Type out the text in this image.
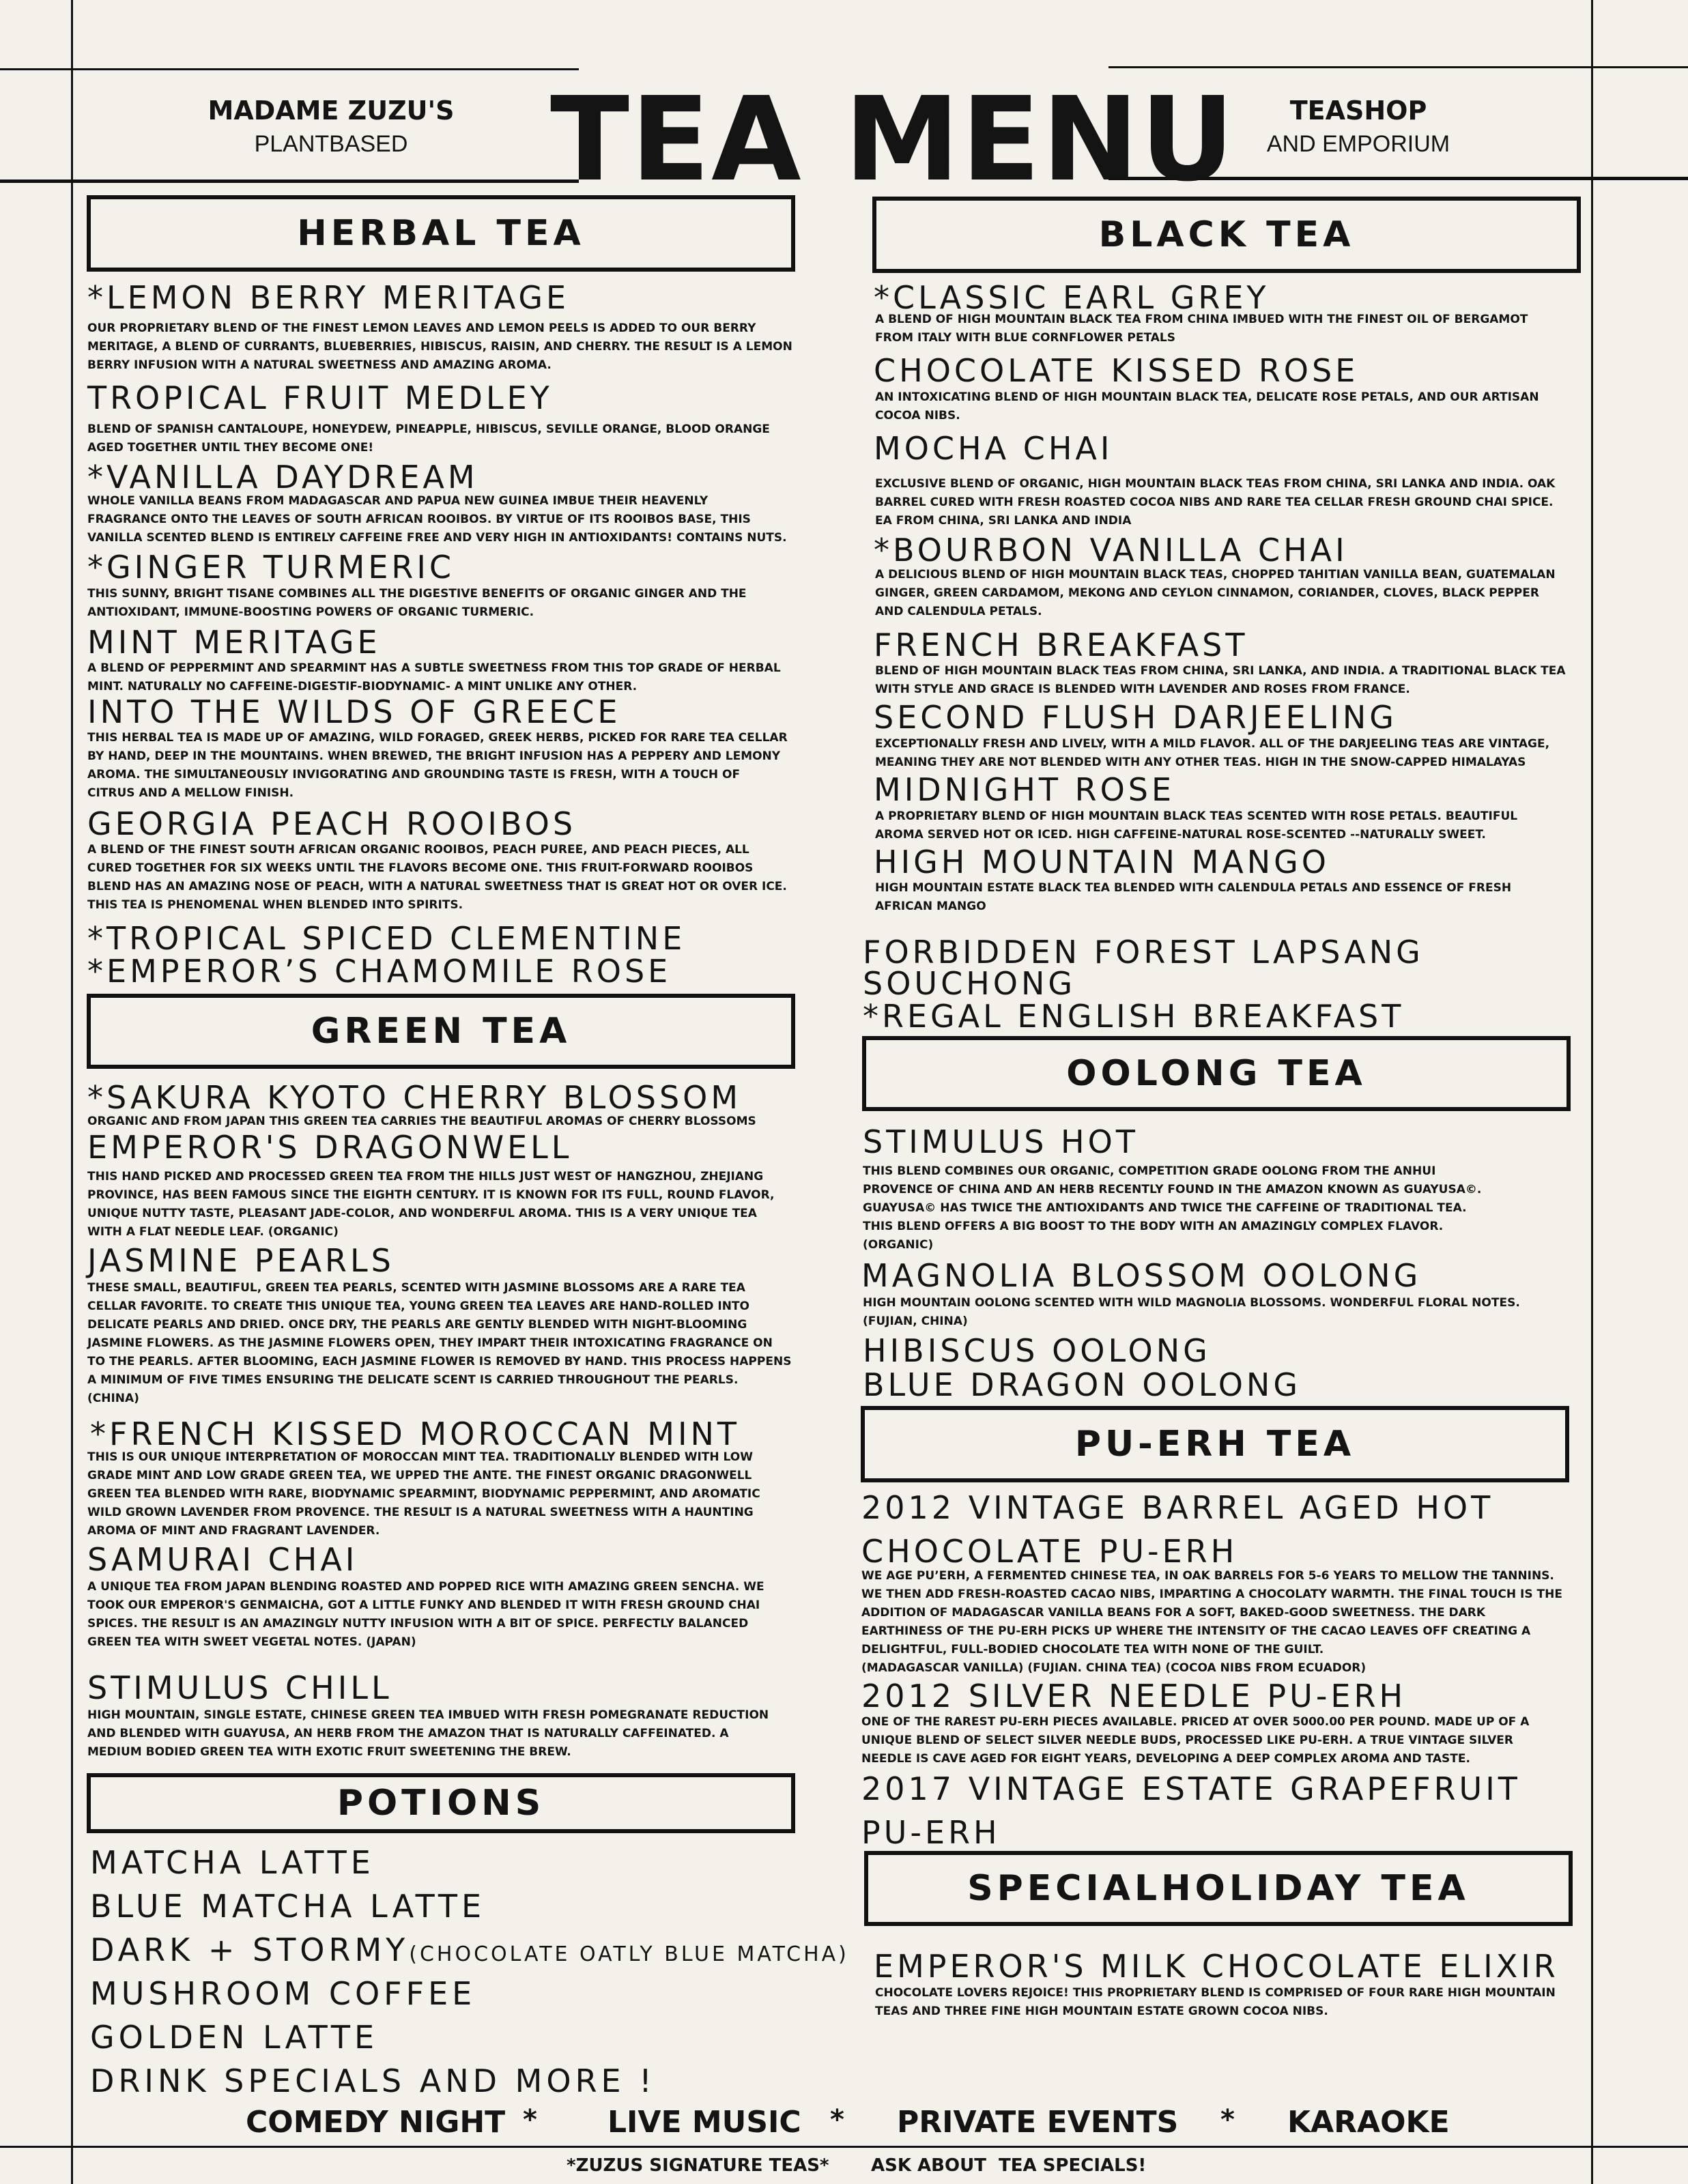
MADAME ZUZU'S
PLANTBASED	TEA MENU	TEASHOP
AND EMPORIUM
HERBAL TEA
*LEMON BERRY MERITAGE
OUR PROPRIETARY BLEND OF THE FINEST LEMON LEAVES AND LEMON PEELS IS ADDED TO OUR BERRY
MERITAGE, A BLEND OF CURRANTS, BLUEBERRIES, HIBISCUS, RAISIN, AND CHERRY. THE RESULT IS A LEMON
BERRY INFUSION WITH A NATURAL SWEETNESS AND AMAZING AROMA.
TROPICAL FRUIT MEDLEY
BLEND OF SPANISH CANTALOUPE, HONEYDEW, PINEAPPLE, HIBISCUS, SEVILLE ORANGE, BLOOD ORANGE
AGED TOGETHER UNTIL THEY BECOME ONE!
*VANILLA DAYDREAM
WHOLE VANILLA BEANS FROM MADAGASCAR AND PAPUA NEW GUINEA IMBUE THEIR HEAVENLY
FRAGRANCE ONTO THE LEAVES OF SOUTH AFRICAN ROOIBOS. BY VIRTUE OF ITS ROOIBOS BASE, THIS
VANILLA SCENTED BLEND IS ENTIRELY CAFFEINE FREE AND VERY HIGH IN ANTIOXIDANTS! CONTAINS NUTS.
*GINGER TURMERIC
THIS SUNNY, BRIGHT TISANE COMBINES ALL THE DIGESTIVE BENEFITS OF ORGANIC GINGER AND THE
ANTIOXIDANT, IMMUNE-BOOSTING POWERS OF ORGANIC TURMERIC.
MINT MERITAGE
A BLEND OF PEPPERMINT AND SPEARMINT HAS A SUBTLE SWEETNESS FROM THIS TOP GRADE OF HERBAL
MINT. NATURALLY NO CAFFEINE-DIGESTIF-BIODYNAMIC- A MINT UNLIKE ANY OTHER.
INTO THE WILDS OF GREECE
THIS HERBAL TEA IS MADE UP OF AMAZING, WILD FORAGED, GREEK HERBS, PICKED FOR RARE TEA CELLAR
BY HAND, DEEP IN THE MOUNTAINS. WHEN BREWED, THE BRIGHT INFUSION HAS A PEPPERY AND LEMONY
AROMA. THE SIMULTANEOUSLY INVIGORATING AND GROUNDING TASTE IS FRESH, WITH A TOUCH OF
CITRUS AND A MELLOW FINISH.
GEORGIA PEACH ROOIBOS
A BLEND OF THE FINEST SOUTH AFRICAN ORGANIC ROOIBOS, PEACH PUREE, AND PEACH PIECES, ALL
CURED TOGETHER FOR SIX WEEKS UNTIL THE FLAVORS BECOME ONE. THIS FRUIT-FORWARD ROOIBOS
BLEND HAS AN AMAZING NOSE OF PEACH, WITH A NATURAL SWEETNESS THAT IS GREAT HOT OR OVER ICE.
THIS TEA IS PHENOMENAL WHEN BLENDED INTO SPIRITS.
*TROPICAL SPICED CLEMENTINE
*EMPEROR’S CHAMOMILE ROSE
GREEN TEA
*SAKURA KYOTO CHERRY BLOSSOM
ORGANIC AND FROM JAPAN THIS GREEN TEA CARRIES THE BEAUTIFUL AROMAS OF CHERRY BLOSSOMS
EMPEROR'S DRAGONWELL
THIS HAND PICKED AND PROCESSED GREEN TEA FROM THE HILLS JUST WEST OF HANGZHOU, ZHEJIANG
PROVINCE, HAS BEEN FAMOUS SINCE THE EIGHTH CENTURY. IT IS KNOWN FOR ITS FULL, ROUND FLAVOR,
UNIQUE NUTTY TASTE, PLEASANT JADE-COLOR, AND WONDERFUL AROMA. THIS IS A VERY UNIQUE TEA
WITH A FLAT NEEDLE LEAF. (ORGANIC)
JASMINE PEARLS
THESE SMALL, BEAUTIFUL, GREEN TEA PEARLS, SCENTED WITH JASMINE BLOSSOMS ARE A RARE TEA
CELLAR FAVORITE. TO CREATE THIS UNIQUE TEA, YOUNG GREEN TEA LEAVES ARE HAND-ROLLED INTO
DELICATE PEARLS AND DRIED. ONCE DRY, THE PEARLS ARE GENTLY BLENDED WITH NIGHT-BLOOMING
JASMINE FLOWERS. AS THE JASMINE FLOWERS OPEN, THEY IMPART THEIR INTOXICATING FRAGRANCE ON
TO THE PEARLS. AFTER BLOOMING, EACH JASMINE FLOWER IS REMOVED BY HAND. THIS PROCESS HAPPENS
A MINIMUM OF FIVE TIMES ENSURING THE DELICATE SCENT IS CARRIED THROUGHOUT THE PEARLS.
(CHINA)
*FRENCH KISSED MOROCCAN MINT
THIS IS OUR UNIQUE INTERPRETATION OF MOROCCAN MINT TEA. TRADITIONALLY BLENDED WITH LOW
GRADE MINT AND LOW GRADE GREEN TEA, WE UPPED THE ANTE. THE FINEST ORGANIC DRAGONWELL
GREEN TEA BLENDED WITH RARE, BIODYNAMIC SPEARMINT, BIODYNAMIC PEPPERMINT, AND AROMATIC
WILD GROWN LAVENDER FROM PROVENCE. THE RESULT IS A NATURAL SWEETNESS WITH A HAUNTING
AROMA OF MINT AND FRAGRANT LAVENDER.
SAMURAI CHAI
A UNIQUE TEA FROM JAPAN BLENDING ROASTED AND POPPED RICE WITH AMAZING GREEN SENCHA. WE
TOOK OUR EMPEROR'S GENMAICHA, GOT A LITTLE FUNKY AND BLENDED IT WITH FRESH GROUND CHAI
SPICES. THE RESULT IS AN AMAZINGLY NUTTY INFUSION WITH A BIT OF SPICE. PERFECTLY BALANCED
GREEN TEA WITH SWEET VEGETAL NOTES. (JAPAN)
STIMULUS CHILL
HIGH MOUNTAIN, SINGLE ESTATE, CHINESE GREEN TEA IMBUED WITH FRESH POMEGRANATE REDUCTION
AND BLENDED WITH GUAYUSA, AN HERB FROM THE AMAZON THAT IS NATURALLY CAFFEINATED. A
MEDIUM BODIED GREEN TEA WITH EXOTIC FRUIT SWEETENING THE BREW.
POTIONS
MATCHA LATTE
BLUE MATCHA LATTE
DARK + STORMY(CHOCOLATE OATLY BLUE MATCHA)
MUSHROOM COFFEE
GOLDEN LATTE
DRINK SPECIALS AND MORE !
BLACK TEA
*CLASSIC EARL GREY
A BLEND OF HIGH MOUNTAIN BLACK TEA FROM CHINA IMBUED WITH THE FINEST OIL OF BERGAMOT
FROM ITALY WITH BLUE CORNFLOWER PETALS
CHOCOLATE KISSED ROSE
AN INTOXICATING BLEND OF HIGH MOUNTAIN BLACK TEA, DELICATE ROSE PETALS, AND OUR ARTISAN
COCOA NIBS.
MOCHA CHAI
EXCLUSIVE BLEND OF ORGANIC, HIGH MOUNTAIN BLACK TEAS FROM CHINA, SRI LANKA AND INDIA. OAK
BARREL CURED WITH FRESH ROASTED COCOA NIBS AND RARE TEA CELLAR FRESH GROUND CHAI SPICE.
EA FROM CHINA, SRI LANKA AND INDIA
*BOURBON VANILLA CHAI
A DELICIOUS BLEND OF HIGH MOUNTAIN BLACK TEAS, CHOPPED TAHITIAN VANILLA BEAN, GUATEMALAN
GINGER, GREEN CARDAMOM, MEKONG AND CEYLON CINNAMON, CORIANDER, CLOVES, BLACK PEPPER
AND CALENDULA PETALS.
FRENCH BREAKFAST
BLEND OF HIGH MOUNTAIN BLACK TEAS FROM CHINA, SRI LANKA, AND INDIA. A TRADITIONAL BLACK TEA
WITH STYLE AND GRACE IS BLENDED WITH LAVENDER AND ROSES FROM FRANCE.
SECOND FLUSH DARJEELING
EXCEPTIONALLY FRESH AND LIVELY, WITH A MILD FLAVOR. ALL OF THE DARJEELING TEAS ARE VINTAGE,
MEANING THEY ARE NOT BLENDED WITH ANY OTHER TEAS. HIGH IN THE SNOW-CAPPED HIMALAYAS
MIDNIGHT ROSE
A PROPRIETARY BLEND OF HIGH MOUNTAIN BLACK TEAS SCENTED WITH ROSE PETALS. BEAUTIFUL
AROMA SERVED HOT OR ICED. HIGH CAFFEINE-NATURAL ROSE-SCENTED --NATURALLY SWEET.
HIGH MOUNTAIN MANGO
HIGH MOUNTAIN ESTATE BLACK TEA BLENDED WITH CALENDULA PETALS AND ESSENCE OF FRESH
AFRICAN MANGO
FORBIDDEN FOREST LAPSANG
SOUCHONG
*REGAL ENGLISH BREAKFAST
OOLONG TEA
STIMULUS HOT
THIS BLEND COMBINES OUR ORGANIC, COMPETITION GRADE OOLONG FROM THE ANHUI
PROVENCE OF CHINA AND AN HERB RECENTLY FOUND IN THE AMAZON KNOWN AS GUAYUSA©.
GUAYUSA© HAS TWICE THE ANTIOXIDANTS AND TWICE THE CAFFEINE OF TRADITIONAL TEA.
THIS BLEND OFFERS A BIG BOOST TO THE BODY WITH AN AMAZINGLY COMPLEX FLAVOR.
(ORGANIC)
MAGNOLIA BLOSSOM OOLONG
HIGH MOUNTAIN OOLONG SCENTED WITH WILD MAGNOLIA BLOSSOMS. WONDERFUL FLORAL NOTES.
(FUJIAN, CHINA)
HIBISCUS OOLONG
BLUE DRAGON OOLONG
PU-ERH TEA
2012 VINTAGE BARREL AGED HOT
CHOCOLATE PU-ERH
WE AGE PU’ERH, A FERMENTED CHINESE TEA, IN OAK BARRELS FOR 5-6 YEARS TO MELLOW THE TANNINS.
WE THEN ADD FRESH-ROASTED CACAO NIBS, IMPARTING A CHOCOLATY WARMTH. THE FINAL TOUCH IS THE
ADDITION OF MADAGASCAR VANILLA BEANS FOR A SOFT, BAKED-GOOD SWEETNESS. THE DARK
EARTHINESS OF THE PU-ERH PICKS UP WHERE THE INTENSITY OF THE CACAO LEAVES OFF CREATING A
DELIGHTFUL, FULL-BODIED CHOCOLATE TEA WITH NONE OF THE GUILT.
(MADAGASCAR VANILLA) (FUJIAN. CHINA TEA) (COCOA NIBS FROM ECUADOR)
2012 SILVER NEEDLE PU-ERH
ONE OF THE RAREST PU-ERH PIECES AVAILABLE. PRICED AT OVER 5000.00 PER POUND. MADE UP OF A
UNIQUE BLEND OF SELECT SILVER NEEDLE BUDS, PROCESSED LIKE PU-ERH. A TRUE VINTAGE SILVER
NEEDLE IS CAVE AGED FOR EIGHT YEARS, DEVELOPING A DEEP COMPLEX AROMA AND TASTE.
2017 VINTAGE ESTATE GRAPEFRUIT
PU-ERH
SPECIALHOLIDAY TEA
EMPEROR'S MILK CHOCOLATE ELIXIR
CHOCOLATE LOVERS REJOICE! THIS PROPRIETARY BLEND IS COMPRISED OF FOUR RARE HIGH MOUNTAIN
TEAS AND THREE FINE HIGH MOUNTAIN ESTATE GROWN COCOA NIBS.
COMEDY NIGHT * LIVE MUSIC * PRIVATE EVENTS * KARAOKE
*ZUZUS SIGNATURE TEAS* ASK ABOUT  TEA SPECIALS!
